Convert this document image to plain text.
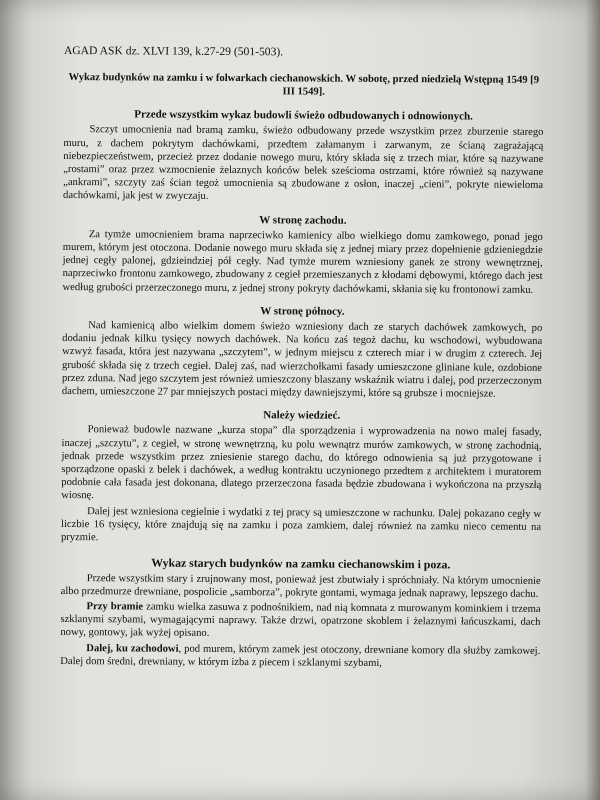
AGAD ASK dz. XLVI 139, k.27-29 (501-503).
Wykaz budynków na zamku i w folwarkach ciechanowskich. W sobotę, przed niedzielą Wstępną 1549 [9 III 1549].
Przede wszystkim wykaz budowli świeżo odbudowanych i odnowionych.

Szczyt umocnienia nad bramą zamku, świeżo odbudowany przede wszystkim przez zburzenie starego muru, z dachem pokrytym dachówkami, przedtem załamanym i zarwanym, ze ścianą zagrażającą niebezpieczeństwem, przecież przez dodanie nowego muru, który składa się z trzech miar, które są nazywane „rostami” oraz przez wzmocnienie żelaznych końców belek sześcioma ostrzami, które również są nazywane „ankrami”, szczyty zaś ścian tegoż umocnienia są zbudowane z osłon, inaczej „cieni”, pokryte niewieloma dachówkami, jak jest w zwyczaju.

W stronę zachodu.

Za tymże umocnieniem brama naprzeciwko kamienicy albo wielkiego domu zamkowego, ponad jego murem, którym jest otoczona. Dodanie nowego muru składa się z jednej miary przez dopełnienie gdzieniegdzie jednej cegły palonej, gdzieindziej pół cegły. Nad tymże murem wzniesiony ganek ze strony wewnętrznej, naprzeciwko frontonu zamkowego, zbudowany z cegieł przemieszanych z kłodami dębowymi, którego dach jest według grubości przerzeczonego muru, z jednej strony pokryty dachówkami, skłania się ku frontonowi zamku.

W stronę północy.

Nad kamienicą albo wielkim domem świeżo wzniesiony dach ze starych dachówek zamkowych, po dodaniu jednak kilku tysięcy nowych dachówek. Na końcu zaś tegoż dachu, ku wschodowi, wybudowana wzwyż fasada, która jest nazywana „szczytem”, w jednym miejscu z czterech miar i w drugim z czterech. Jej grubość składa się z trzech cegieł. Dalej zaś, nad wierzchołkami fasady umieszczone gliniane kule, ozdobione przez zduna. Nad jego szczytem jest również umieszczony blaszany wskaźnik wiatru i dalej, pod przerzeczonym dachem, umieszczone 27 par mniejszych postaci między dawniejszymi, które są grubsze i mocniejsze.

Należy wiedzieć.

Ponieważ budowle nazwane „kurza stopa” dla sporządzenia i wyprowadzenia na nowo malej fasady, inaczej „szczytu”, z cegieł, w stronę wewnętrzną, ku polu wewnątrz murów zamkowych, w stronę zachodnią, jednak przede wszystkim przez zniesienie starego dachu, do którego odnowienia są już przygotowane i sporządzone opaski z belek i dachówek, a według kontraktu uczynionego przedtem z architektem i muratorem podobnie cała fasada jest dokonana, dlatego przerzeczona fasada będzie zbudowana i wykończona na przyszłą wiosnę.

Dalej jest wzniesiona cegielnie i wydatki z tej pracy są umieszczone w rachunku. Dalej pokazano cegły w liczbie 16 tysięcy, które znajdują się na zamku i poza zamkiem, dalej również na zamku nieco cementu na pryzmie.

Wykaz starych budynków na zamku ciechanowskim i poza.

Przede wszystkim stary i zrujnowany most, ponieważ jest zbutwiały i spróchniały. Na którym umocnienie albo przedmurze drewniane, pospolicie „samborza”, pokryte gontami, wymaga jednak naprawy, lepszego dachu.

Przy bramie zamku wielka zasuwa z podnośnikiem, nad nią komnata z murowanym kominkiem i trzema szklanymi szybami, wymagającymi naprawy. Także drzwi, opatrzone skoblem i żelaznymi łańcuszkami, dach nowy, gontowy, jak wyżej opisano.

Dalej, ku zachodowi, pod murem, którym zamek jest otoczony, drewniane komory dla służby zamkowej. Dalej dom średni, drewniany, w którym izba z piecem i szklanymi szybami,
